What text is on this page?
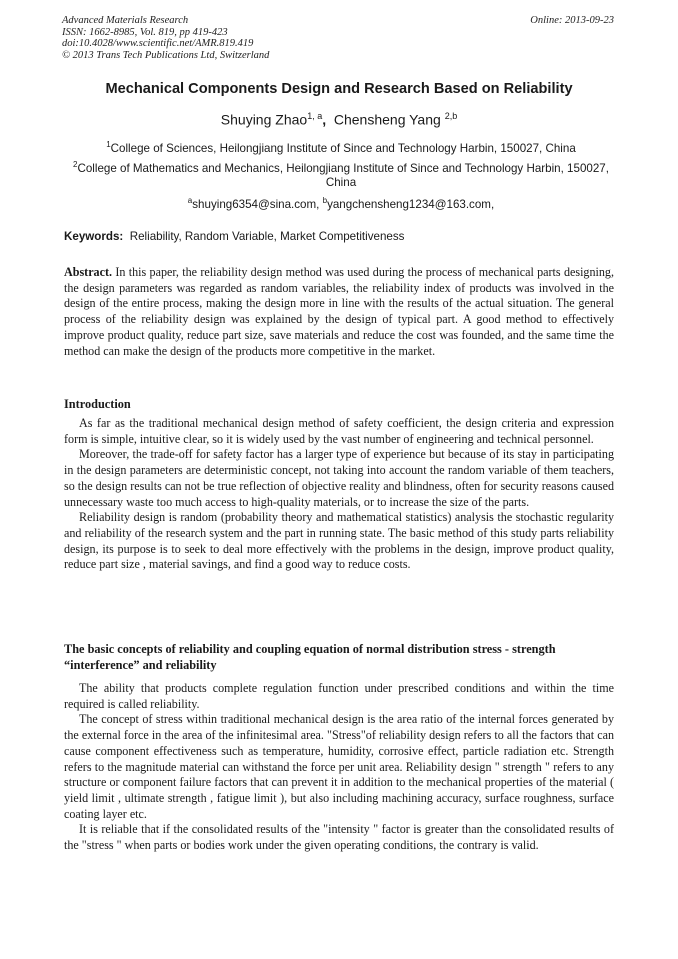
Advanced Materials Research
ISSN: 1662-8985, Vol. 819, pp 419-423
doi:10.4028/www.scientific.net/AMR.819.419
© 2013 Trans Tech Publications Ltd, Switzerland
Online: 2013-09-23
Mechanical Components Design and Research Based on Reliability
Shuying Zhao$^{1, a}$, Chensheng Yang $^{2,b}$
$^1$College of Sciences, Heilongjiang Institute of Since and Technology Harbin, 150027, China
$^2$College of Mathematics and Mechanics, Heilongjiang Institute of Since and Technology Harbin, 150027, China
$^a$shuying6354@sina.com, $^b$yangchensheng1234@163.com,
Keywords: Reliability, Random Variable, Market Competitiveness

Abstract. In this paper, the reliability design method was used during the process of mechanical parts designing, the design parameters was regarded as random variables, the reliability index of products was involved in the design of the entire process, making the design more in line with the results of the actual situation. The general process of the reliability design was explained by the design of typical part. A good method to effectively improve product quality, reduce part size, save materials and reduce the cost was founded, and the same time the method can make the design of the products more competitive in the market.

Introduction

As far as the traditional mechanical design method of safety coefficient, the design criteria and expression form is simple, intuitive clear, so it is widely used by the vast number of engineering and technical personnel.

Moreover, the trade-off for safety factor has a larger type of experience but because of its stay in participating in the design parameters are deterministic concept, not taking into account the random variable of them teachers, so the design results can not be true reflection of objective reality and blindness, often for security reasons caused unnecessary waste too much access to high-quality materials, or to increase the size of the parts.

Reliability design is random (probability theory and mathematical statistics) analysis the stochastic regularity and reliability of the research system and the part in running state. The basic method of this study parts reliability design, its purpose is to seek to deal more effectively with the problems in the design, improve product quality, reduce part size , material savings, and find a good way to reduce costs.

The basic concepts of reliability and coupling equation of normal distribution stress - strength “interference” and reliability

The ability that products complete regulation function under prescribed conditions and within the time required is called reliability.

The concept of stress within traditional mechanical design is the area ratio of the internal forces generated by the external force in the area of the infinitesimal area. "Stress"of reliability design refers to all the factors that can cause component effectiveness such as temperature, humidity, corrosive effect, particle radiation etc. Strength refers to the magnitude material can withstand the force per unit area. Reliability design " strength " refers to any structure or component failure factors that can prevent it in addition to the mechanical properties of the material ( yield limit , ultimate strength , fatigue limit ), but also including machining accuracy, surface roughness, surface coating layer etc.

It is reliable that if the consolidated results of the "intensity " factor is greater than the consolidated results of the "stress " when parts or bodies work under the given operating conditions, the contrary is valid.
